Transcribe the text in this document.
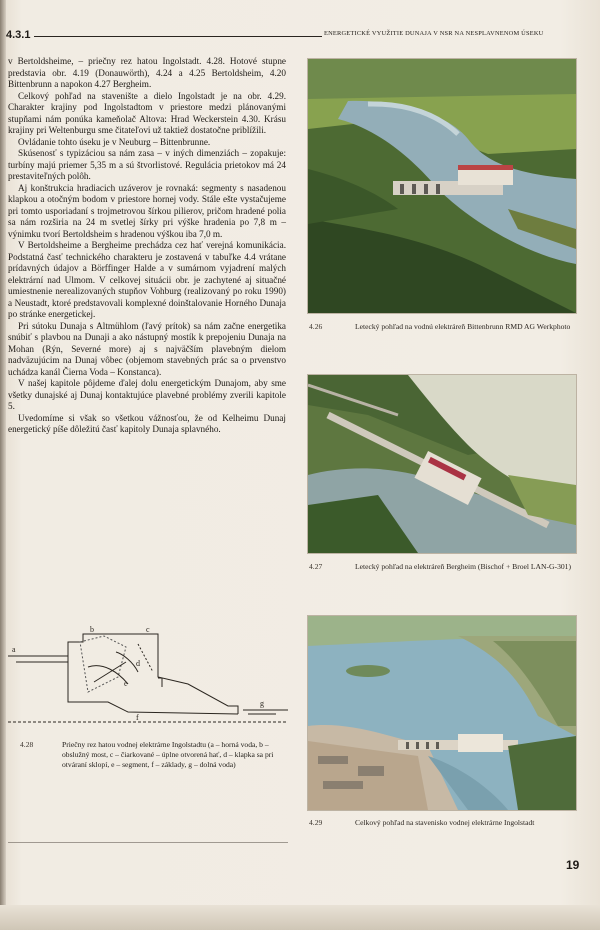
4.3.1	ENERGETICKÉ VYUŽITIE DUNAJA V NSR NA NESPLAVNENOM ÚSEKU

v Bertoldsheime, – priečny rez hatou Ingolstadt. 4.28. Hotové stupne predstavia obr. 4.19 (Donauwörth), 4.24 a 4.25 Bertoldsheim, 4.20 Bittenbrunn a napokon 4.27 Bergheim.

Celkový pohľad na stavenište a dielo Ingolstadt je na obr. 4.29. Charakter krajiny pod Ingolstadtom v priestore medzi plánovanými stupňami nám ponúka kameňolač Altova: Hrad Weckerstein 4.30. Krásu krajiny pri Weltenburgu sme čitateľovi už taktiež dostatočne priblížili.

Ovládanie tohto úseku je v Neuburg – Bittenbrunne.

Skúsenosť s typizáciou sa nám zasa – v iných dimenziách – zopakuje: turbíny majú priemer 5,35 m a sú štvorlistové. Regulácia prietokov má 24 prestaviteľných polôh.

Aj konštrukcia hradiacich uzáverov je rovnaká: segmenty s nasadenou klapkou a otočným bodom v priestore hornej vody. Stále ešte vystačujeme pri tomto usporiadaní s trojmetrovou šírkou pilierov, pričom hradené polia sa nám rozširia na 24 m svetlej šírky pri výške hradenia po 7,8 m – výnimku tvorí Bertoldsheim s hradenou výškou iba 7,0 m.

V Bertoldsheime a Bergheime prechádza cez hať verejná komunikácia. Podstatná časť technického charakteru je zostavená v tabuľke 4.4 vrátane prídavných údajov a Börffinger Halde a v sumárnom vyjadrení malých elektrární nad Ulmom. V celkovej situácii obr. je zachytené aj situačné umiestnenie nerealizovaných stupňov Vohburg (realizovaný po roku 1990) a Neustadt, ktoré predstavovali komplexné doinštalovanie Horného Dunaja po stránke energetickej.

Pri sútoku Dunaja s Altmühlom (ľavý prítok) sa nám začne energetika snúbiť s plavbou na Dunaji a ako nástupný mostík k prepojeniu Dunaja na Mohan (Rýn, Severné more) aj s najväčším plavebným dielom nadväzujúcim na Dunaj vôbec (objemom stavebných prác sa o prvenstvo uchádza kanál Čierna Voda – Konstanca).

V našej kapitole pôjdeme ďalej dolu energetickým Dunajom, aby sme všetky dunajské aj Dunaj kontaktujúce plavebné problémy zverili kapitole 5.

Uvedomíme si však so všetkou vážnosťou, že od Kelheimu Dunaj energetický píše dôležitú časť kapitoly Dunaja splavného.

4.26	Letecký pohľad na vodnú elektráreň Bittenbrunn RMD AG Werkphoto
4.27	Letecký pohľad na elektráreň Bergheim (Bischof + Broel LAN-G-301)
4.29	Celkový pohľad na stavenisko vodnej elektrárne Ingolstadt
a
b	c
d
e
f
g
4.28	Priečny rez hatou vodnej elektrárne Ingolstadtu (a – horná voda, b – obslužný most, c – čiarkované – úplne otvorená hať, d – klapka sa pri otváraní sklopí, e – segment, f – základy, g – dolná voda)
19
